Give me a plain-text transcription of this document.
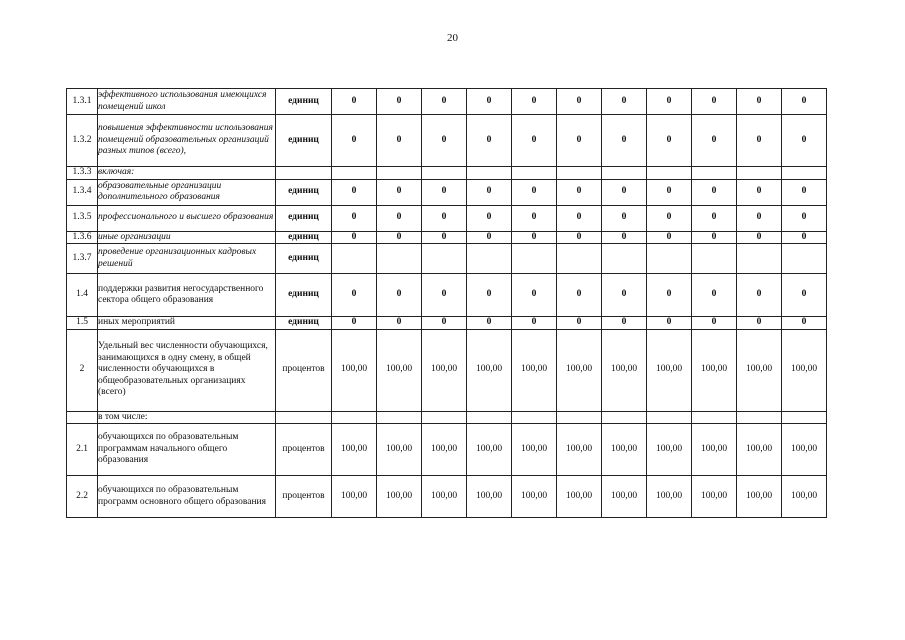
20
1.3.1	эффективного использования имеющихся помещений школ	единиц	0	0	0	0	0	0	0	0	0	0	0
1.3.2	повышения эффективности использования помещений образовательных организаций разных типов (всего),	единиц	0	0	0	0	0	0	0	0	0	0	0
1.3.3	включая:												
1.3.4	образовательные организации дополнительного образования	единиц	0	0	0	0	0	0	0	0	0	0	0
1.3.5	профессионального и высшего образования	единиц	0	0	0	0	0	0	0	0	0	0	0
1.3.6	иные организации	единиц	0	0	0	0	0	0	0	0	0	0	0
1.3.7	проведение организационных кадровых решений	единиц											
1.4	поддержки развития негосударственного сектора общего образования	единиц	0	0	0	0	0	0	0	0	0	0	0
1.5	иных мероприятий	единиц	0	0	0	0	0	0	0	0	0	0	0
2	Удельный вес численности обучающихся, занимающихся в одну смену, в общей численности обучающихся в общеобразовательных организациях (всего)	процентов	100,00	100,00	100,00	100,00	100,00	100,00	100,00	100,00	100,00	100,00	100,00
	в том числе:												
2.1	обучающихся по образовательным программам начального общего образования	процентов	100,00	100,00	100,00	100,00	100,00	100,00	100,00	100,00	100,00	100,00	100,00
2.2	обучающихся по образовательным программ основного общего образования	процентов	100,00	100,00	100,00	100,00	100,00	100,00	100,00	100,00	100,00	100,00	100,00
